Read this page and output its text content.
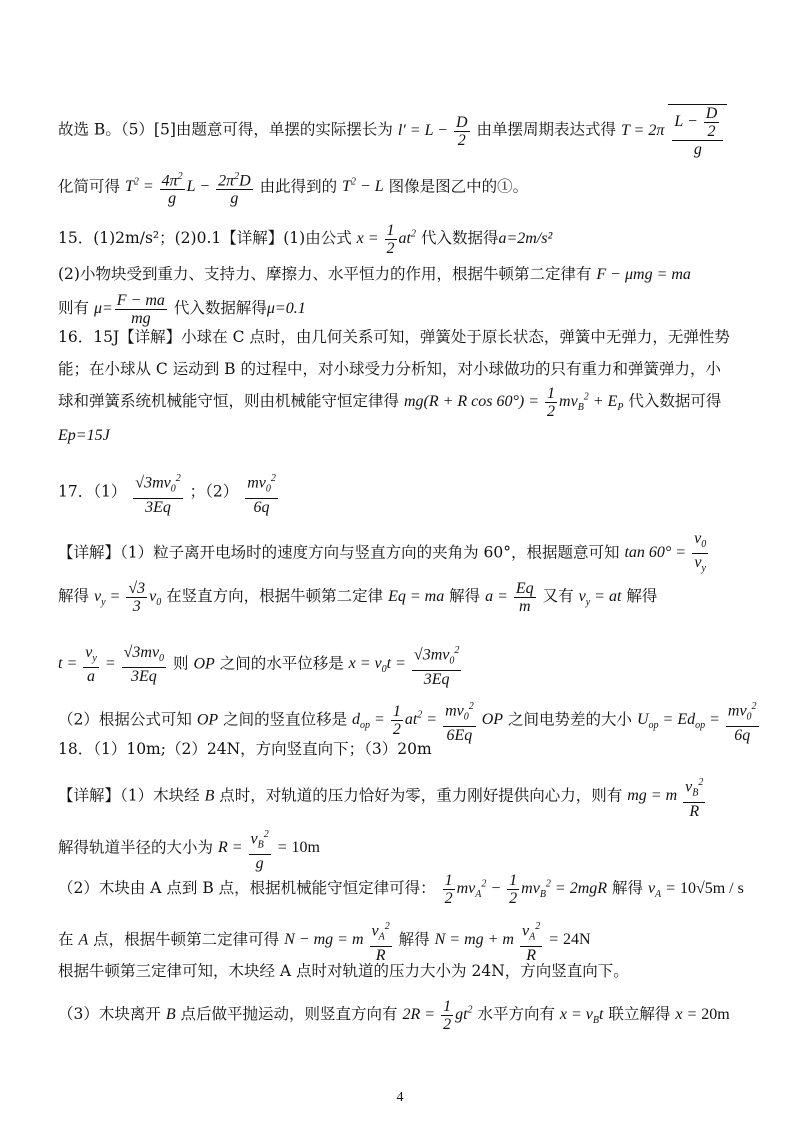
故选 B。（5）[5]由题意可得，单摆的实际摆长为 $l' = L - \frac{D}{2}$ 由单摆周期表达式得 $T = 2\pi \frac{L - \frac{D}{2}}{g}$
化简可得 $T^2 = \frac{4\pi^2}{g}$ $L - \frac{2\pi^2D}{g}$ 由此得到的 $T^2 - L$ 图像是图乙中的①。
15．(1)2m/s²；(2)0.1【详解】(1)由公式 $x = \frac{1}{2} at^2$ 代入数据得a=2m/s²
(2)小物块受到重力、支持力、摩擦力、水平恒力的作用，根据牛顿第二定律有 F − μmg = ma
则有 $\mu= \frac{F - ma}{mg}$ 代入数据解得μ=0.1
16．15J【详解】小球在 C 点时，由几何关系可知，弹簧处于原长状态，弹簧中无弹力，无弹性势
能；在小球从 C 运动到 B 的过程中，对小球受力分析知，对小球做功的只有重力和弹簧弹力，小
球和弹簧系统机械能守恒，则由机械能守恒定律得 mg(R + R $\cos 60^\circ) = \frac{1}{2} mv_B^2 + E_P$ 代入数据可得
Ep=15J
17．$(1) \frac{√3mv_0^2}{3Eq}$ ；$(2) \frac{mv_0^2}{6q}$
【详解】（1）粒子离开电场时的速度方向与竖直方向的夹角为 60°，根据题意可知 $\tan 60^\circ = \frac{v_0}{v_y}$
解得 $v_y = \frac{√3}{3} v_0$ 在竖直方向，根据牛顿第二定律 Eq = ma 解得 $a = \frac{Eq}{m}$ 又有 $v_y$ = at 解得
$t = \frac{v_y}{a} = \frac{√3mv_0}{3Eq}$ 则 OP 之间的水平位移是 $x = v_0t = \frac{√3mv_0^2}{3Eq}$
（2）根据公式可知 OP 之间的竖直位移是 $d_{op} = \frac{1}{2} at^2 = \frac{mv_0^2}{6Eq}$ OP 之间电势差的大小 $U_{op} = Ed_{op} = \frac{mv_0^2}{6q}$
18．（1）10m;（2）24N，方向竖直向下；（3）20m
【详解】（1）木块经 B 点时，对轨道的压力恰好为零，重力刚好提供向心力，则有 mg = m $\frac{v_B^2}{R}$
解得轨道半径的大小为 $R = \frac{v_B^2}{g} = 10m$
（2）木块由 A 点到 B 点，根据机械能守恒定律可得： $\frac{1}{2} mv_A^2 - \frac{1}{2} mv_B^2 = 2mgR$ 解得 $v_A = 10√5m / s$
在 A 点，根据牛顿第二定律可得 N − mg = m $\frac{v_A^2}{R}$ 解得 N = mg + m $\frac{v_A^2}{R} = 24N$
根据牛顿第三定律可知，木块经 A 点时对轨道的压力大小为 24N，方向竖直向下。
（3）木块离开 B 点后做平抛运动，则竖直方向有 $2R = \frac{1}{2} gt^2$ 水平方向有 $x = v_Bt$ 联立解得 x = 20m
4
